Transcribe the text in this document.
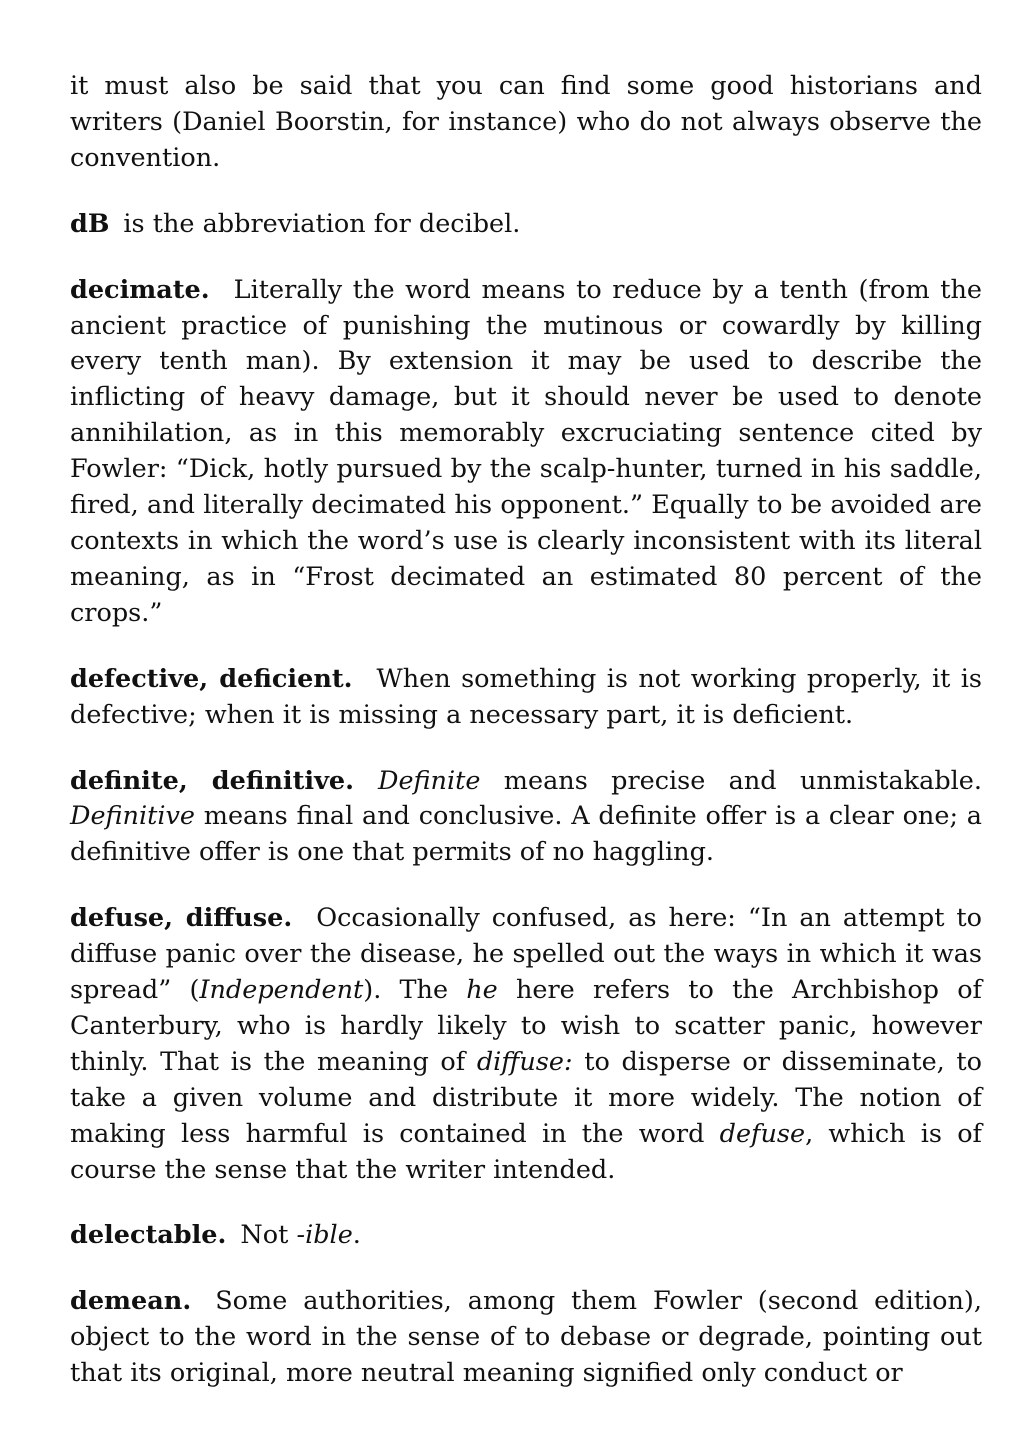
it must also be said that you can find some good historians and writers (Daniel Boorstin, for instance) who do not always observe the convention.

dB is the abbreviation for decibel.

decimate. Literally the word means to reduce by a tenth (from the ancient practice of punishing the mutinous or cowardly by killing every tenth man). By extension it may be used to describe the inflicting of heavy damage, but it should never be used to denote annihilation, as in this memorably excruciating sentence cited by Fowler: “Dick, hotly pursued by the scalp-hunter, turned in his saddle, fired, and literally decimated his opponent.” Equally to be avoided are contexts in which the word’s use is clearly inconsistent with its literal meaning, as in “Frost decimated an estimated 80 percent of the crops.”

defective, deficient. When something is not working properly, it is defective; when it is missing a necessary part, it is deficient.

definite, definitive. Definite means precise and unmistakable. Definitive means final and conclusive. A definite offer is a clear one; a definitive offer is one that permits of no haggling.

defuse, diffuse. Occasionally confused, as here: “In an attempt to diffuse panic over the disease, he spelled out the ways in which it was spread” (Independent). The he here refers to the Archbishop of Canterbury, who is hardly likely to wish to scatter panic, however thinly. That is the meaning of diffuse: to disperse or disseminate, to take a given volume and distribute it more widely. The notion of making less harmful is contained in the word defuse, which is of course the sense that the writer intended.

delectable. Not -ible.

demean. Some authorities, among them Fowler (second edition), object to the word in the sense of to debase or degrade, pointing out that its original, more neutral meaning signified only conduct or
